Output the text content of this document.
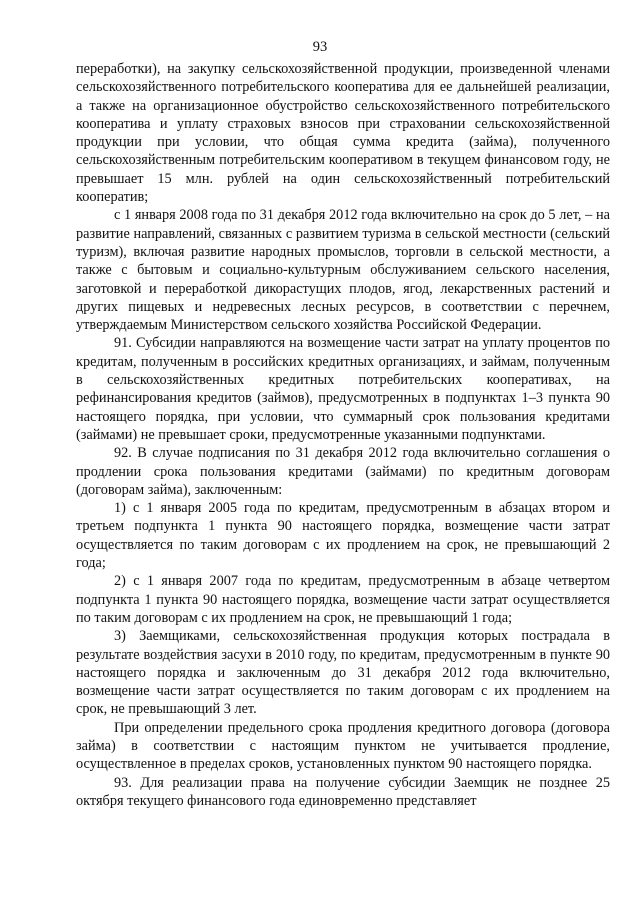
93

переработки), на закупку сельскохозяйственной продукции, произведенной членами сельскохозяйственного потребительского кооператива для ее дальнейшей реализации, а также на организационное обустройство сельскохозяйственного потребительского кооператива и уплату страховых взносов при страховании сельскохозяйственной продукции при условии, что общая сумма кредита (займа), полученного сельскохозяйственным потребительским кооперативом в текущем финансовом году, не превышает 15 млн. рублей на один сельскохозяйственный потребительский кооператив;

с 1 января 2008 года по 31 декабря 2012 года включительно на срок до 5 лет, – на развитие направлений, связанных с развитием туризма в сельской местности (сельский туризм), включая развитие народных промыслов, торговли в сельской местности, а также с бытовым и социально-культурным обслуживанием сельского населения, заготовкой и переработкой дикорастущих плодов, ягод, лекарственных растений и других пищевых и недревесных лесных ресурсов, в соответствии с перечнем, утверждаемым Министерством сельского хозяйства Российской Федерации.

91. Субсидии направляются на возмещение части затрат на уплату процентов по кредитам, полученным в российских кредитных организациях, и займам, полученным в сельскохозяйственных кредитных потребительских кооперативах, на рефинансирования кредитов (займов), предусмотренных в подпунктах 1–3 пункта 90 настоящего порядка, при условии, что суммарный срок пользования кредитами (займами) не превышает сроки, предусмотренные указанными подпунктами.

92. В случае подписания по 31 декабря 2012 года включительно соглашения о продлении срока пользования кредитами (займами) по кредитным договорам (договорам займа), заключенным:

1) с 1 января 2005 года по кредитам, предусмотренным в абзацах втором и третьем подпункта 1 пункта 90 настоящего порядка, возмещение части затрат осуществляется по таким договорам с их продлением на срок, не превышающий 2 года;

2) с 1 января 2007 года по кредитам, предусмотренным в абзаце четвертом подпункта 1 пункта 90 настоящего порядка, возмещение части затрат осуществляется по таким договорам с их продлением на срок, не превышающий 1 года;

3) Заемщиками, сельскохозяйственная продукция которых пострадала в результате воздействия засухи в 2010 году, по кредитам, предусмотренным в пункте 90 настоящего порядка и заключенным до 31 декабря 2012 года включительно, возмещение части затрат осуществляется по таким договорам с их продлением на срок, не превышающий 3 лет.

При определении предельного срока продления кредитного договора (договора займа) в соответствии с настоящим пунктом не учитывается продление, осуществленное в пределах сроков, установленных пунктом 90 настоящего порядка.

93. Для реализации права на получение субсидии Заемщик не позднее 25 октября текущего финансового года единовременно представляет
